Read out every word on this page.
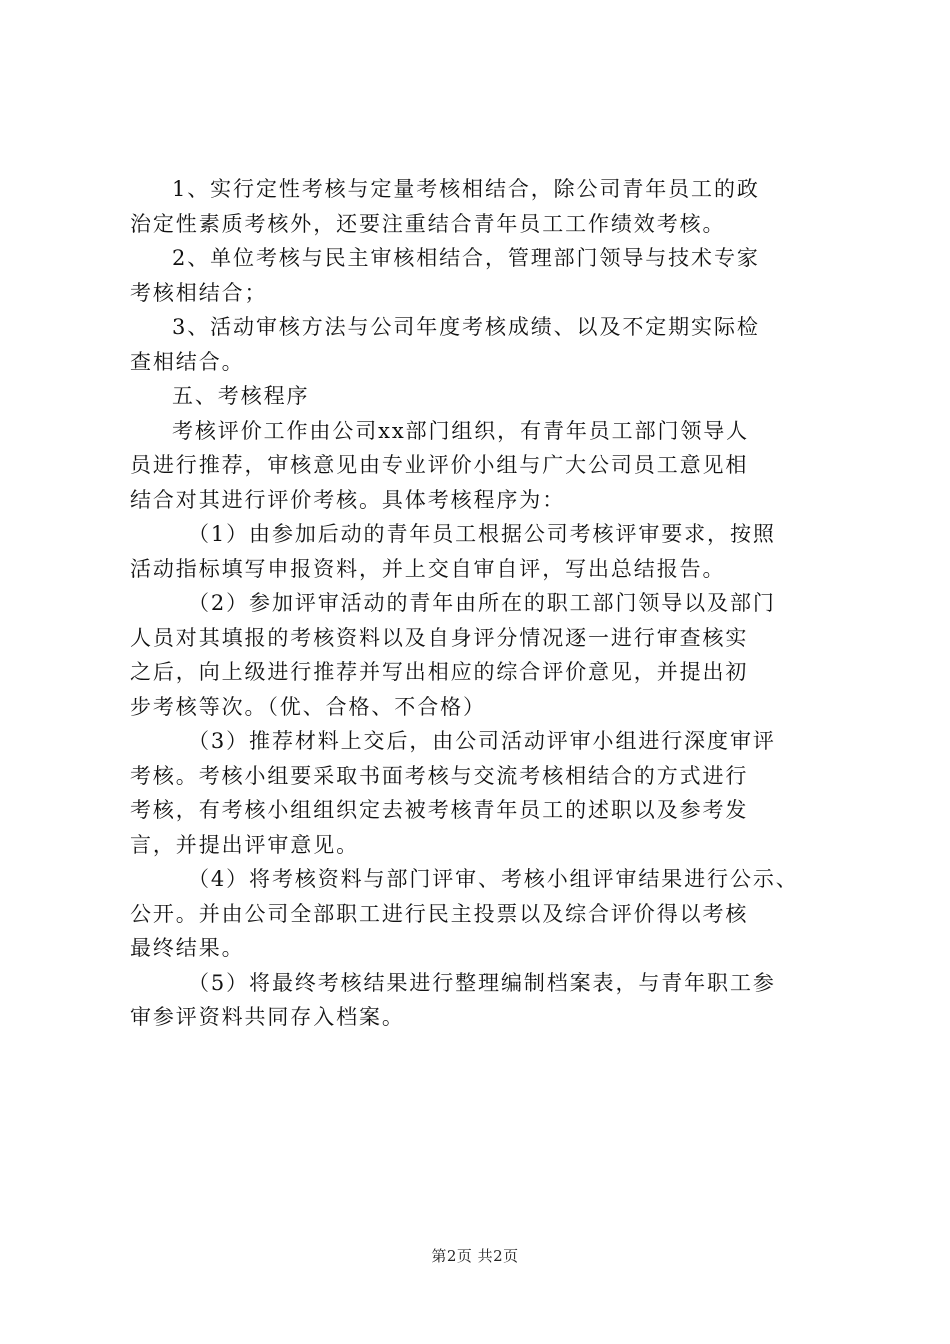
1、实行定性考核与定量考核相结合，除公司青年员工的政
治定性素质考核外，还要注重结合青年员工工作绩效考核。
2、单位考核与民主审核相结合，管理部门领导与技术专家
考核相结合；
3、活动审核方法与公司年度考核成绩、以及不定期实际检
查相结合。
五、考核程序
考核评价工作由公司xx部门组织，有青年员工部门领导人
员进行推荐，审核意见由专业评价小组与广大公司员工意见相
结合对其进行评价考核。具体考核程序为：
（1）由参加后动的青年员工根据公司考核评审要求，按照
活动指标填写申报资料，并上交自审自评，写出总结报告。
（2）参加评审活动的青年由所在的职工部门领导以及部门
人员对其填报的考核资料以及自身评分情况逐一进行审查核实
之后，向上级进行推荐并写出相应的综合评价意见，并提出初
步考核等次。（优、合格、不合格）
（3）推荐材料上交后，由公司活动评审小组进行深度审评
考核。考核小组要采取书面考核与交流考核相结合的方式进行
考核，有考核小组组织定去被考核青年员工的述职以及参考发
言，并提出评审意见。
（4）将考核资料与部门评审、考核小组评审结果进行公示、
公开。并由公司全部职工进行民主投票以及综合评价得以考核
最终结果。
（5）将最终考核结果进行整理编制档案表，与青年职工参
审参评资料共同存入档案。
第2页 共2页
